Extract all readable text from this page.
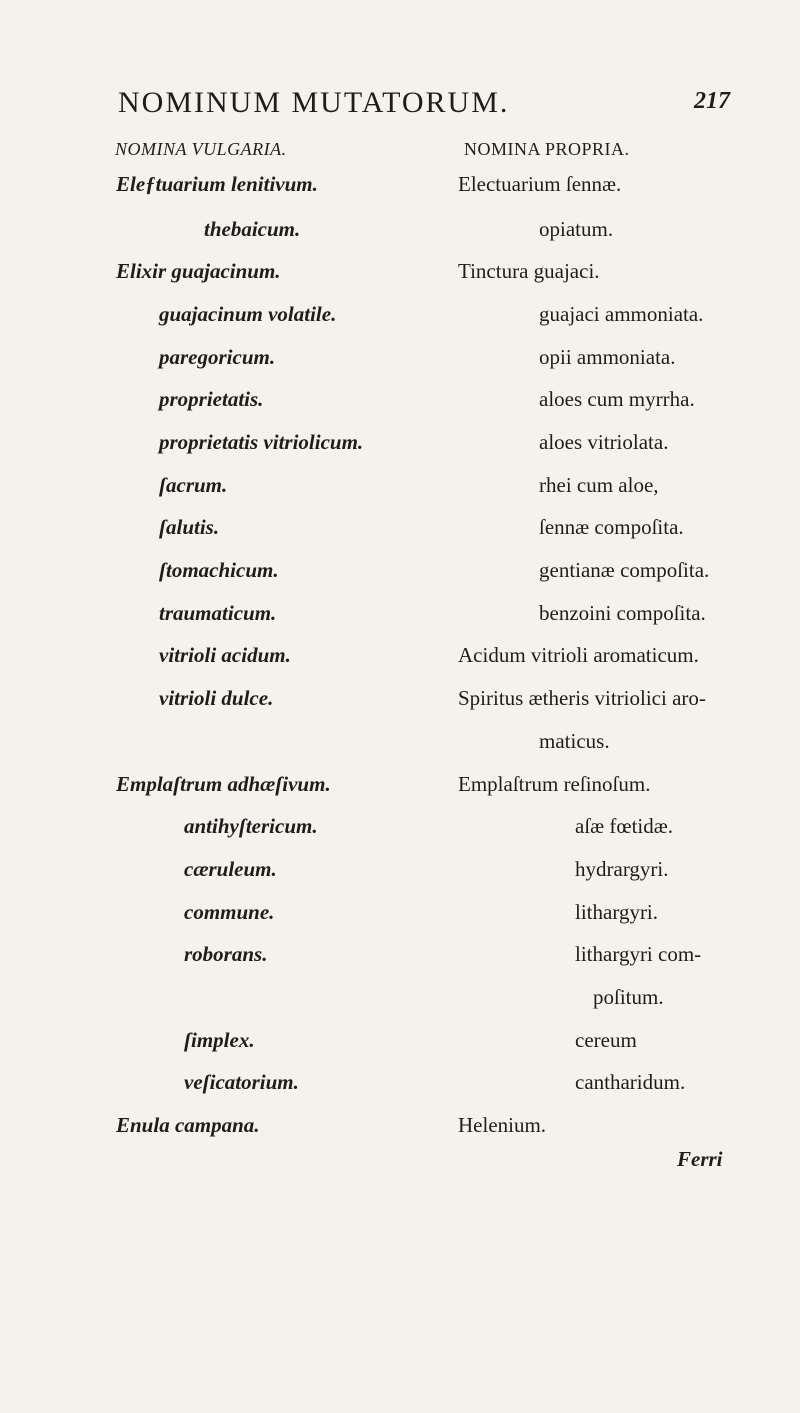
NOMINUM MUTATORUM.	217
NOMINA VULGARIA.	NOMINA PROPRIA.
Eleƒtuarium lenitivum.
thebaicum.
Elixir guajacinum.
guajacinum volatile.
paregoricum.
proprietatis.
proprietatis vitriolicum.
ſacrum.
ſalutis.
ſtomachicum.
traumaticum.
vitrioli acidum.
vitrioli dulce.
Emplaſtrum adhæſivum.
antihyſtericum.
cæruleum.
commune.
roborans.
ſimplex.
veſicatorium.
Enula campana.
Electuarium ſennæ.
opiatum.
Tinctura guajaci.
guajaci ammoniata.
opii ammoniata.
aloes cum myrrha.
aloes vitriolata.
rhei cum aloe,
ſennæ compoſita.
gentianæ compoſita.
benzoini compoſita.
Acidum vitrioli aromaticum.
Spiritus ætheris vitriolici aro-
maticus.
Emplaſtrum reſinoſum.
aſæ fœtidæ.
hydrargyri.
lithargyri.
lithargyri com-
poſitum.
cereum
cantharidum.
Helenium.
Ferri
